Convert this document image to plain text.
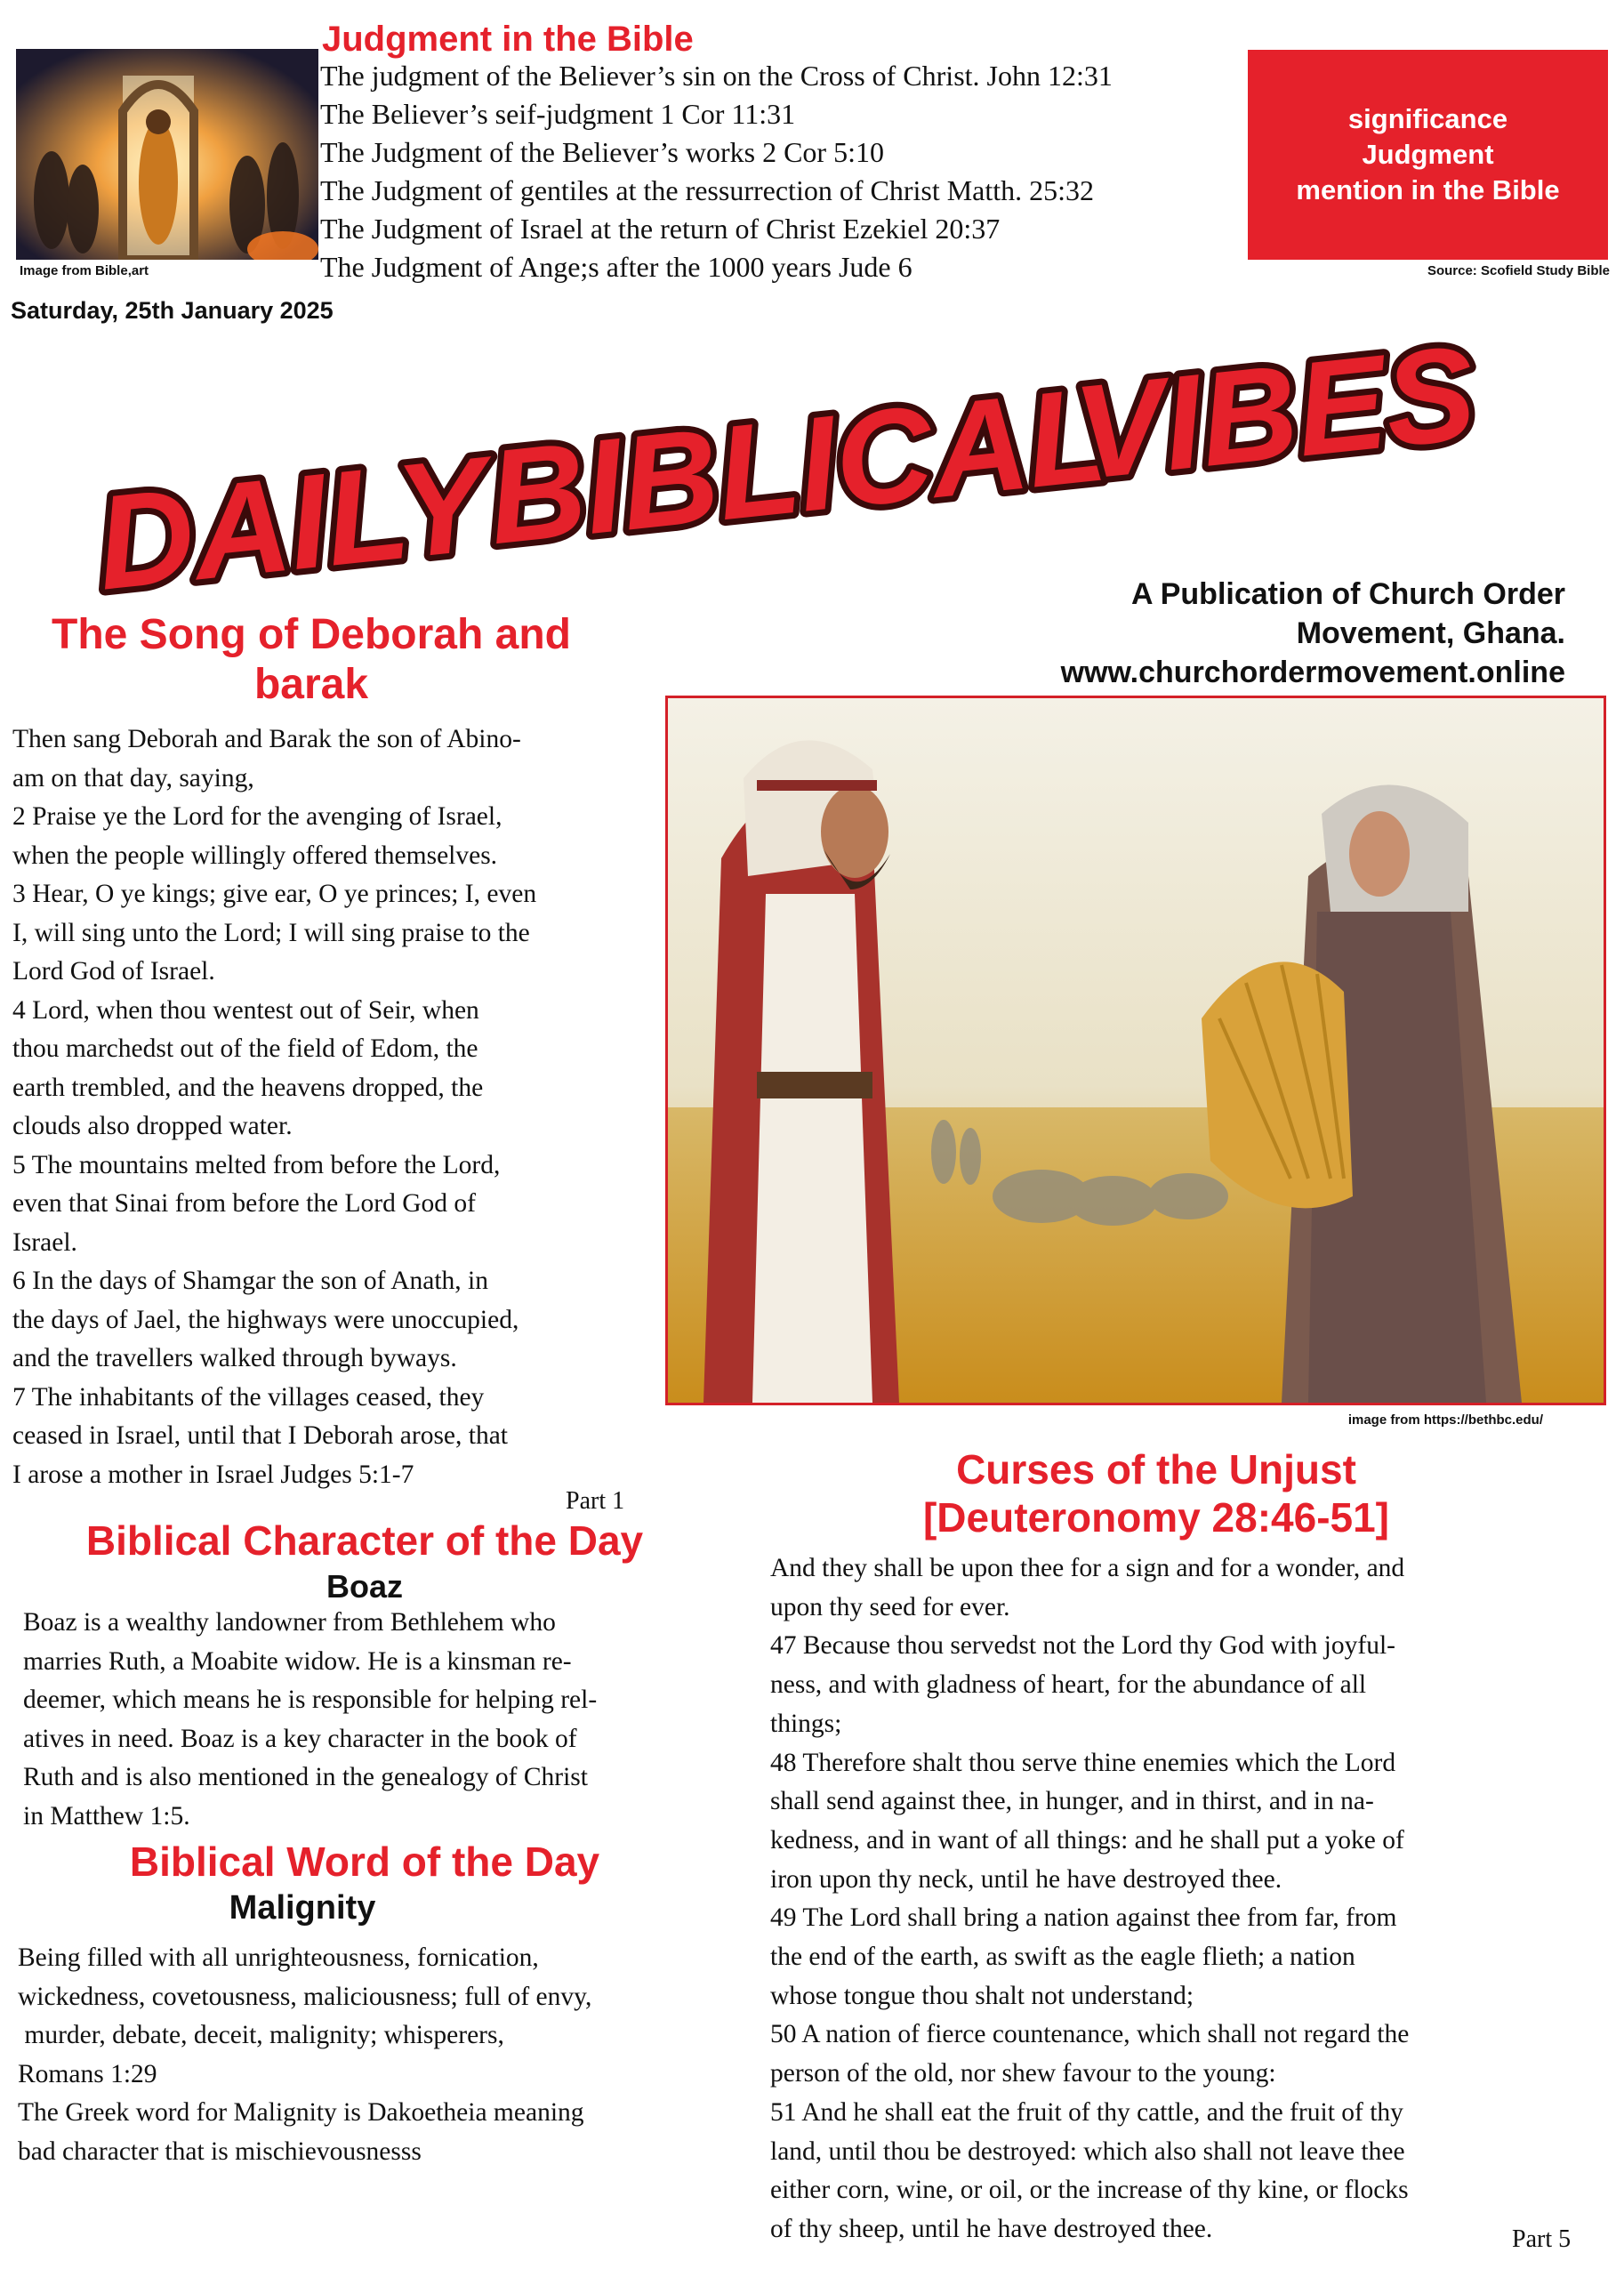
Image from Bible,art
Judgment in the Bible
The judgment of the Believer’s sin on the Cross of Christ. John 12:31
The Believer’s seif-judgment 1 Cor 11:31
The Judgment of the Believer’s works 2 Cor 5:10
The Judgment of gentiles at the ressurrection of Christ Matth. 25:32
The Judgment of Israel at the return of Christ Ezekiel 20:37
The Judgment of Ange;s after the 1000 years Jude 6
significance
Judgment
mention in the Bible
Source: Scofield Study Bible
Saturday, 25th January 2025
DAILY
BIBLICAL
VIBES
A Publication of Church Order
Movement, Ghana.
www.churchordermovement.online
The Song of Deborah and
barak
Then sang Deborah and Barak the son of Abino-
am on that day, saying,
2 Praise ye the Lord for the avenging of Israel,
when the people willingly offered themselves.
3 Hear, O ye kings; give ear, O ye princes; I, even
I, will sing unto the Lord; I will sing praise to the
Lord God of Israel.
4 Lord, when thou wentest out of Seir, when
thou marchedst out of the field of Edom, the
earth trembled, and the heavens dropped, the
clouds also dropped water.
5 The mountains melted from before the Lord,
even that Sinai from before the Lord God of
Israel.
6 In the days of Shamgar the son of Anath, in
the days of Jael, the highways were unoccupied,
and the travellers walked through byways.
7 The inhabitants of the villages ceased, they
ceased in Israel, until that I Deborah arose, that
I arose a mother in Israel Judges 5:1-7
Part 1
image from https://bethbc.edu/
Curses of the Unjust
[Deuteronomy 28:46-51]
And they shall be upon thee for a sign and for a wonder, and
upon thy seed for ever.
47 Because thou servedst not the Lord thy God with joyful-
ness, and with gladness of heart, for the abundance of all
things;
48 Therefore shalt thou serve thine enemies which the Lord
shall send against thee, in hunger, and in thirst, and in na-
kedness, and in want of all things: and he shall put a yoke of
iron upon thy neck, until he have destroyed thee.
49 The Lord shall bring a nation against thee from far, from
the end of the earth, as swift as the eagle flieth; a nation
whose tongue thou shalt not understand;
50 A nation of fierce countenance, which shall not regard the
person of the old, nor shew favour to the young:
51 And he shall eat the fruit of thy cattle, and the fruit of thy
land, until thou be destroyed: which also shall not leave thee
either corn, wine, or oil, or the increase of thy kine, or flocks
of thy sheep, until he have destroyed thee.	Part 5
Biblical Character of the Day
Boaz
Boaz is a wealthy landowner from Bethlehem who
marries Ruth, a Moabite widow. He is a kinsman re-
deemer, which means he is responsible for helping rel-
atives in need. Boaz is a key character in the book of
Ruth and is also mentioned in the genealogy of Christ
in Matthew 1:5.
Biblical Word of the Day
Malignity
Being filled with all unrighteousness, fornication,
wickedness, covetousness, maliciousness; full of envy,
murder, debate, deceit, malignity; whisperers,
Romans 1:29
The Greek word for Malignity is Dakoetheia meaning
bad character that is mischievousnesss
